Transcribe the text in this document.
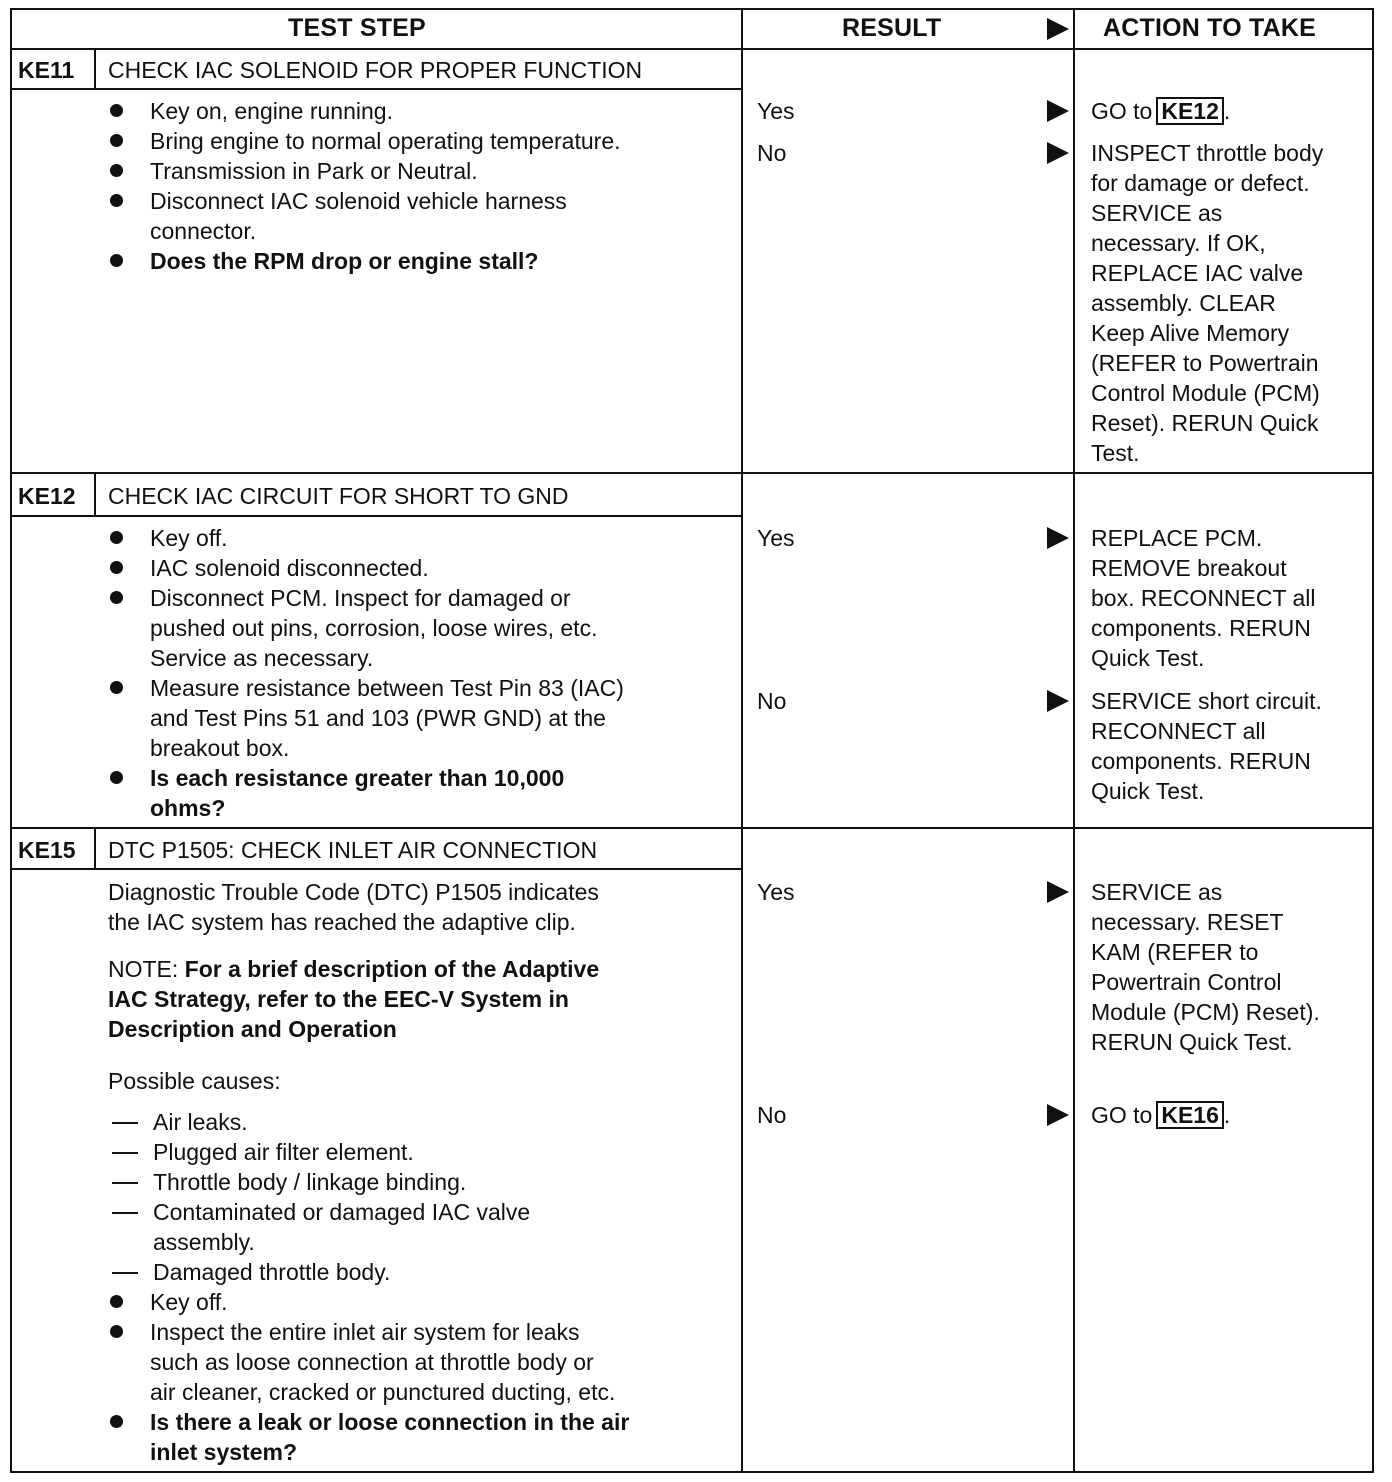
TEST STEP	RESULT	ACTION TO TAKE
KE11 CHECK IAC SOLENOID FOR PROPER FUNCTION
Key on, engine running.
Bring engine to normal operating temperature.
Transmission in Park or Neutral.
Disconnect IAC solenoid vehicle harness
connector.
Does the RPM drop or engine stall?
Yes	GO to KE12 .
No	INSPECT throttle body
for damage or defect.
SERVICE as
necessary. If OK,
REPLACE IAC valve
assembly. CLEAR
Keep Alive Memory
(REFER to Powertrain
Control Module (PCM)
Reset). RERUN Quick
Test.
KE12 CHECK IAC CIRCUIT FOR SHORT TO GND
Key off.
IAC solenoid disconnected.
Disconnect PCM. Inspect for damaged or
pushed out pins, corrosion, loose wires, etc.
Service as necessary.
Measure resistance between Test Pin 83 (IAC)
and Test Pins 51 and 103 (PWR GND) at the
breakout box.
Is each resistance greater than 10,000
ohms?
Yes	REPLACE PCM.
REMOVE breakout
box. RECONNECT all
components. RERUN
Quick Test.
No	SERVICE short circuit.
RECONNECT all
components. RERUN
Quick Test.
KE15 DTC P1505: CHECK INLET AIR CONNECTION
Diagnostic Trouble Code (DTC) P1505 indicates
the IAC system has reached the adaptive clip.
NOTE: For a brief description of the Adaptive
IAC Strategy, refer to the EEC-V System in
Description and Operation
Possible causes:
Air leaks.
Plugged air filter element.
Throttle body / linkage binding.
Contaminated or damaged IAC valve
assembly.
Damaged throttle body.
Key off.
Inspect the entire inlet air system for leaks
such as loose connection at throttle body or
air cleaner, cracked or punctured ducting, etc.
Is there a leak or loose connection in the air
inlet system?
Yes	SERVICE as
necessary. RESET
KAM (REFER to
Powertrain Control
Module (PCM) Reset).
RERUN Quick Test.
No	GO to KE16 .
